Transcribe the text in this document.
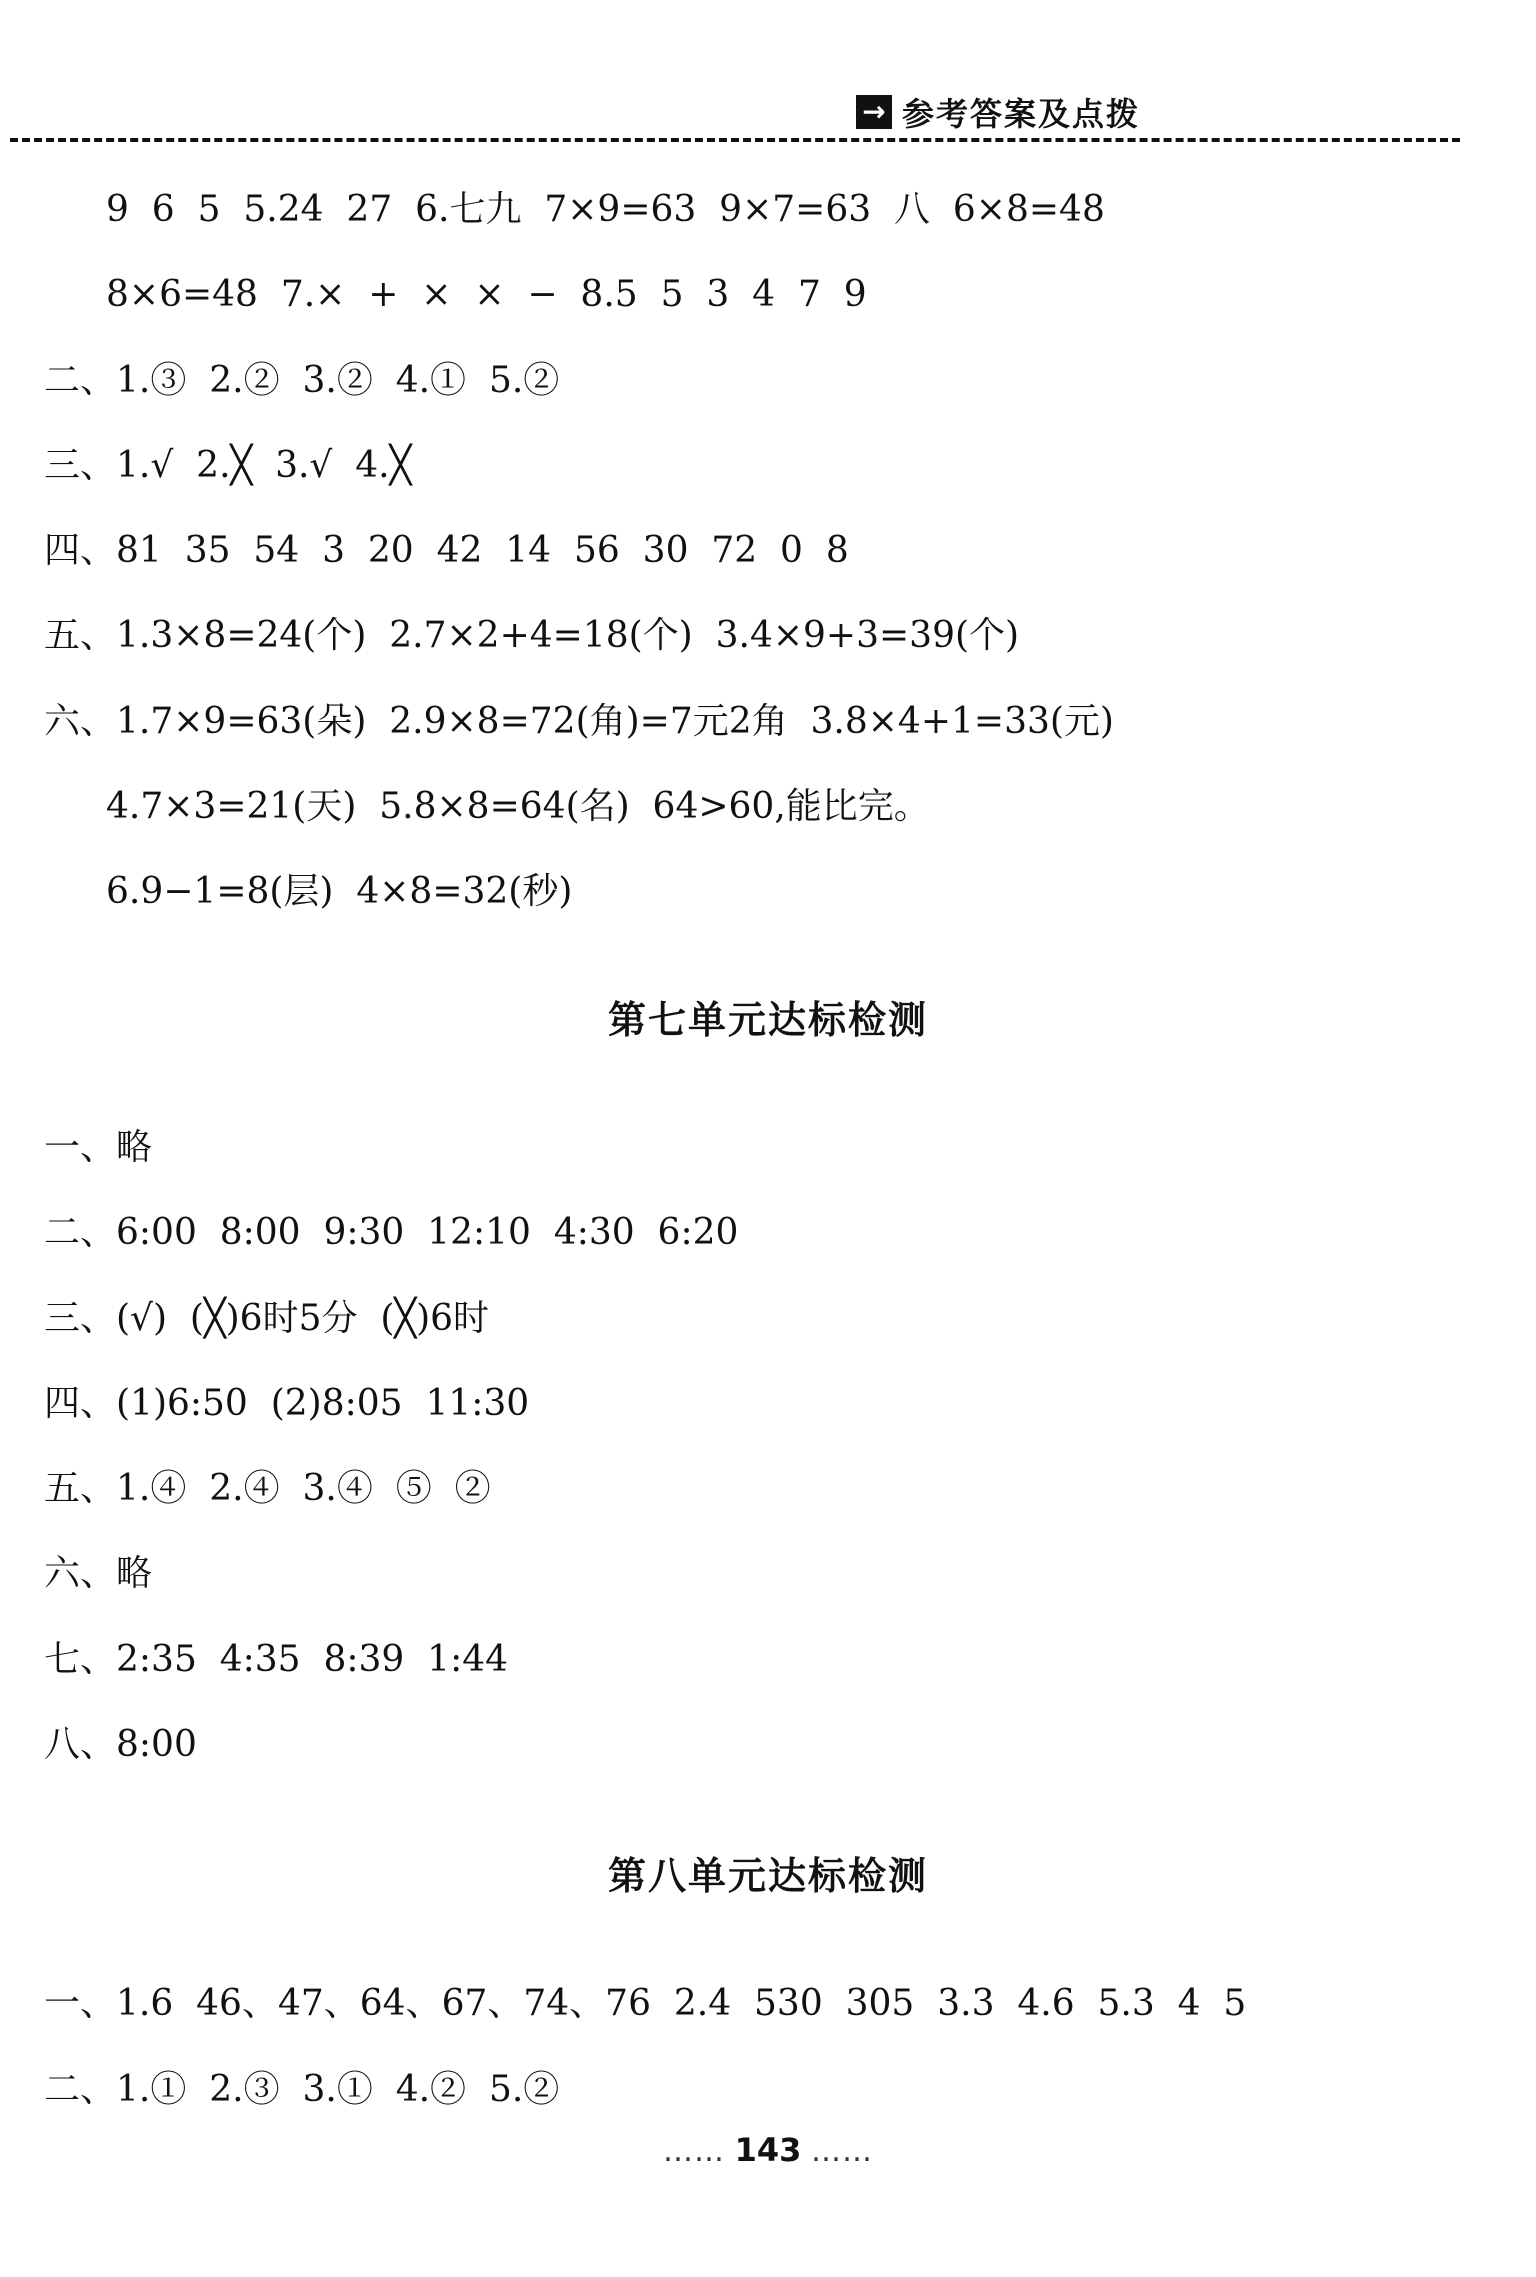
→ 参考答案及点拨
9  6  5  5.24  27  6.七九  7×9=63  9×7=63  八  6×8=48
8×6=48  7.×  +  ×  ×  −  8.5  5  3  4  7  9
二、1.③  2.②  3.②  4.①  5.②
三、1.√  2.╳  3.√  4.╳
四、81  35  54  3  20  42  14  56  30  72  0  8
五、1.3×8=24(个)  2.7×2+4=18(个)  3.4×9+3=39(个)
六、1.7×9=63(朵)  2.9×8=72(角)=7元2角  3.8×4+1=33(元)
4.7×3=21(天)  5.8×8=64(名)  64>60,能比完。
6.9−1=8(层)  4×8=32(秒)
第七单元达标检测
一、略
二、6:00  8:00  9:30  12:10  4:30  6:20
三、(√)  (╳)6时5分  (╳)6时
四、(1)6:50  (2)8:05  11:30
五、1.④  2.④  3.④  ⑤  ②
六、略
七、2:35  4:35  8:39  1:44
八、8:00
第八单元达标检测
一、1.6  46、47、64、67、74、76  2.4  530  305  3.3  4.6  5.3  4  5
二、1.①  2.③  3.①  4.②  5.②
…… 143 ……
